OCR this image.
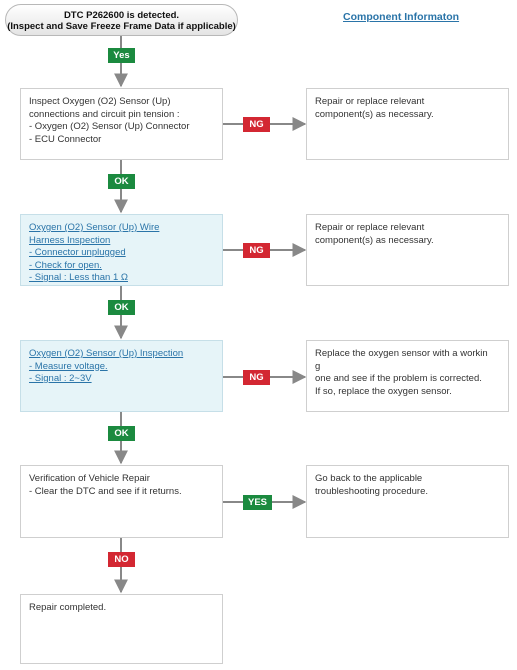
DTC P262600 is detected.
(Inspect and Save Freeze Frame Data if applicable)
Component Informaton
Inspect Oxygen (O2) Sensor (Up)
connections and circuit pin tension :
- Oxygen (O2) Sensor (Up) Connector
- ECU Connector
Repair or replace relevant
component(s) as necessary.
Oxygen (O2) Sensor (Up) Wire
Harness Inspection
- Connector unplugged
- Check for open.
- Signal : Less than 1 Ω
Repair or replace relevant
component(s) as necessary.
Oxygen (O2) Sensor (Up) Inspection
- Measure voltage.
- Signal : 2~3V
Replace the oxygen sensor with a workin
g
one and see if the problem is corrected.
If so, replace the oxygen sensor.
Verification of Vehicle Repair
- Clear the DTC and see if it returns.
Go back to the applicable
troubleshooting procedure.
Repair completed.
Yes
OK
OK
OK
NO
NG
NG
NG
YES
